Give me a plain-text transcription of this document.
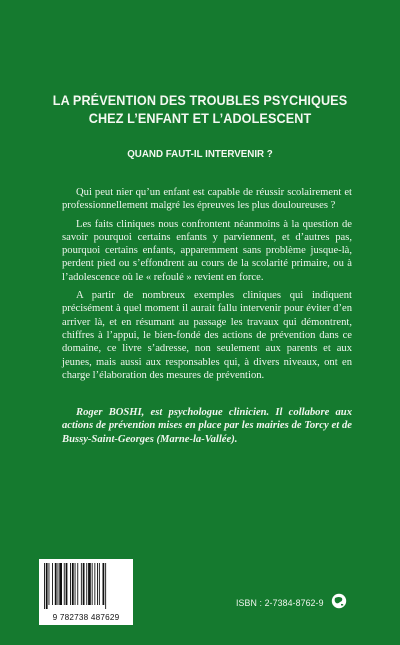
LA PRÉVENTION DES TROUBLES PSYCHIQUES
CHEZ L’ENFANT ET L’ADOLESCENT
QUAND FAUT-IL INTERVENIR ?

Qui peut nier qu’un enfant est capable de réussir scolairement et professionnellement malgré les épreuves les plus douloureuses ?

Les faits cliniques nous confrontent néanmoins à la question de savoir pourquoi certains enfants y parviennent, et d’autres pas, pourquoi certains enfants, apparemment sans problème jusque-là, perdent pied ou s’effondrent au cours de la scolarité primaire, ou à l’adolescence où le « refoulé » revient en force.

A partir de nombreux exemples cliniques qui indiquent précisément à quel moment il aurait fallu intervenir pour éviter d’en arriver là, et en résumant au passage les travaux qui démontrent, chiffres à l’appui, le bien-fondé des actions de prévention dans ce domaine, ce livre s’adresse, non seulement aux parents et aux jeunes, mais aussi aux responsables qui, à divers niveaux, ont en charge l’élaboration des mesures de prévention.

Roger BOSHI, est psychologue clinicien. Il collabore aux actions de prévention mises en place par les mairies de Torcy et de Bussy-Saint-Georges (Marne-la-Vallée).
9 782738 487629
ISBN : 2-7384-8762-9
